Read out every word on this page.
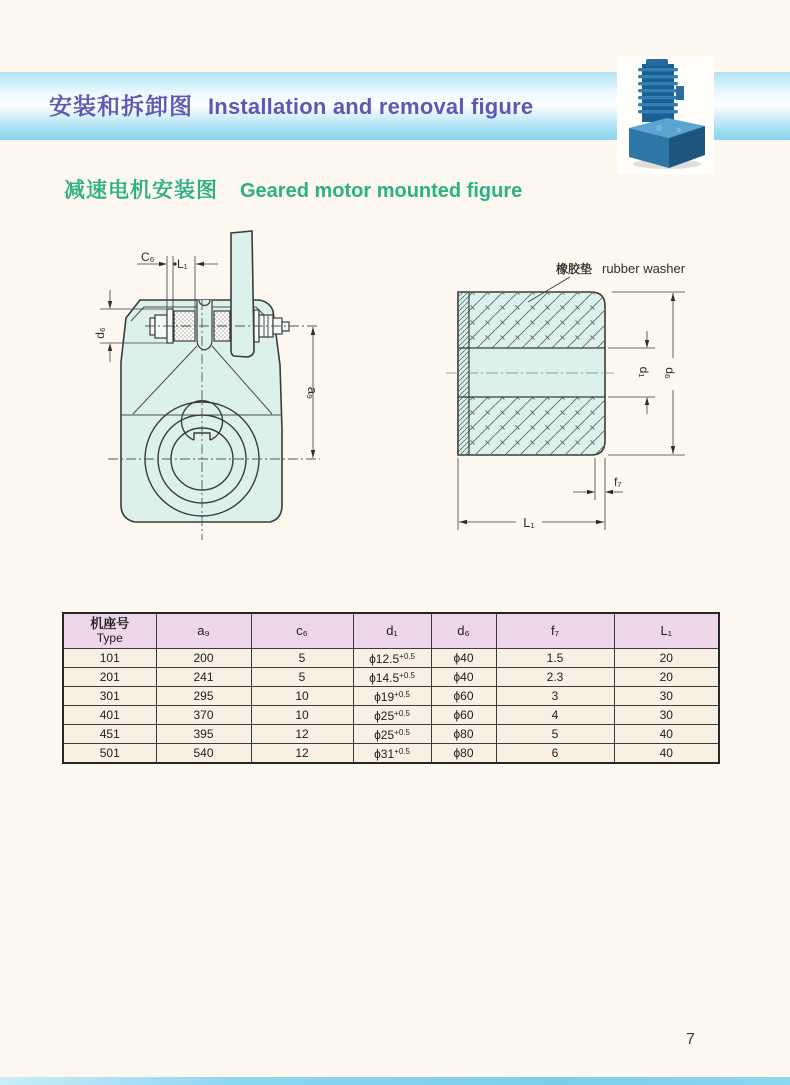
安装和拆卸图 Installation and removal figure
减速电机安装图 Geared motor mounted figure
C₆ L₁
d₆
a₉
橡胶垫 rubber washer
d₁ d₆
f₇
L₁
机座号
Type	a₉	c₆	d₁	d₆	f₇	L₁
101	200	5	$\phi 12.5^{+0.5}$	ϕ40	1.5	20
201	241	5	$\phi 14.5^{+0.5}$	ϕ40	2.3	20
301	295	10	$\phi 19^{+0.5}$	ϕ60	3	30
401	370	10	$\phi 25^{+0.5}$	ϕ60	4	30
451	395	12	$\phi 25^{+0.5}$	ϕ80	5	40
501	540	12	$\phi 31^{+0.5}$	ϕ80	6	40
7
